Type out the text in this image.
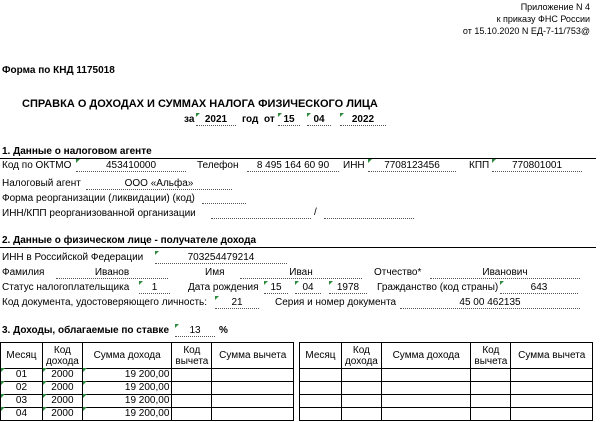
Приложение N 4
к приказу ФНС России
от 15.10.2020 N ЕД-7-11/753@
Форма по КНД 1175018
СПРАВКА О ДОХОДАХ И СУММАХ НАЛОГА ФИЗИЧЕСКОГО ЛИЦА
за	2021	год от 15	04	2022
1. Данные о налоговом агенте
Код по ОКТМО	453410000	Телефон	8 495 164 60 90	ИНН	7708123456	КПП	770801001
Налоговый агент	ООО «Альфа»
Форма реорганизации (ликвидации) (код)
ИНН/КПП реорганизованной организации	/
2. Данные о физическом лице - получателе дохода
ИНН в Российской Федерации	703254479214
Фамилия	Иванов	Имя	Иван	Отчество*	Иванович
Статус налогоплательщика	1	Дата рождения	15	04	1978	Гражданство (код страны)	643
Код документа, удостоверяющего личность:	21	Серия и номер документа	45 00 462135
3. Доходы, облагаемые по ставке	13	%
Месяц	Код дохода	Сумма дохода	Код вычета	Сумма вычета

01	2000	19 200,00		

02	2000	19 200,00		

03	2000	19 200,00		

04	2000	19 200,00		
Месяц	Код дохода	Сумма дохода	Код вычета	Сумма вычета
